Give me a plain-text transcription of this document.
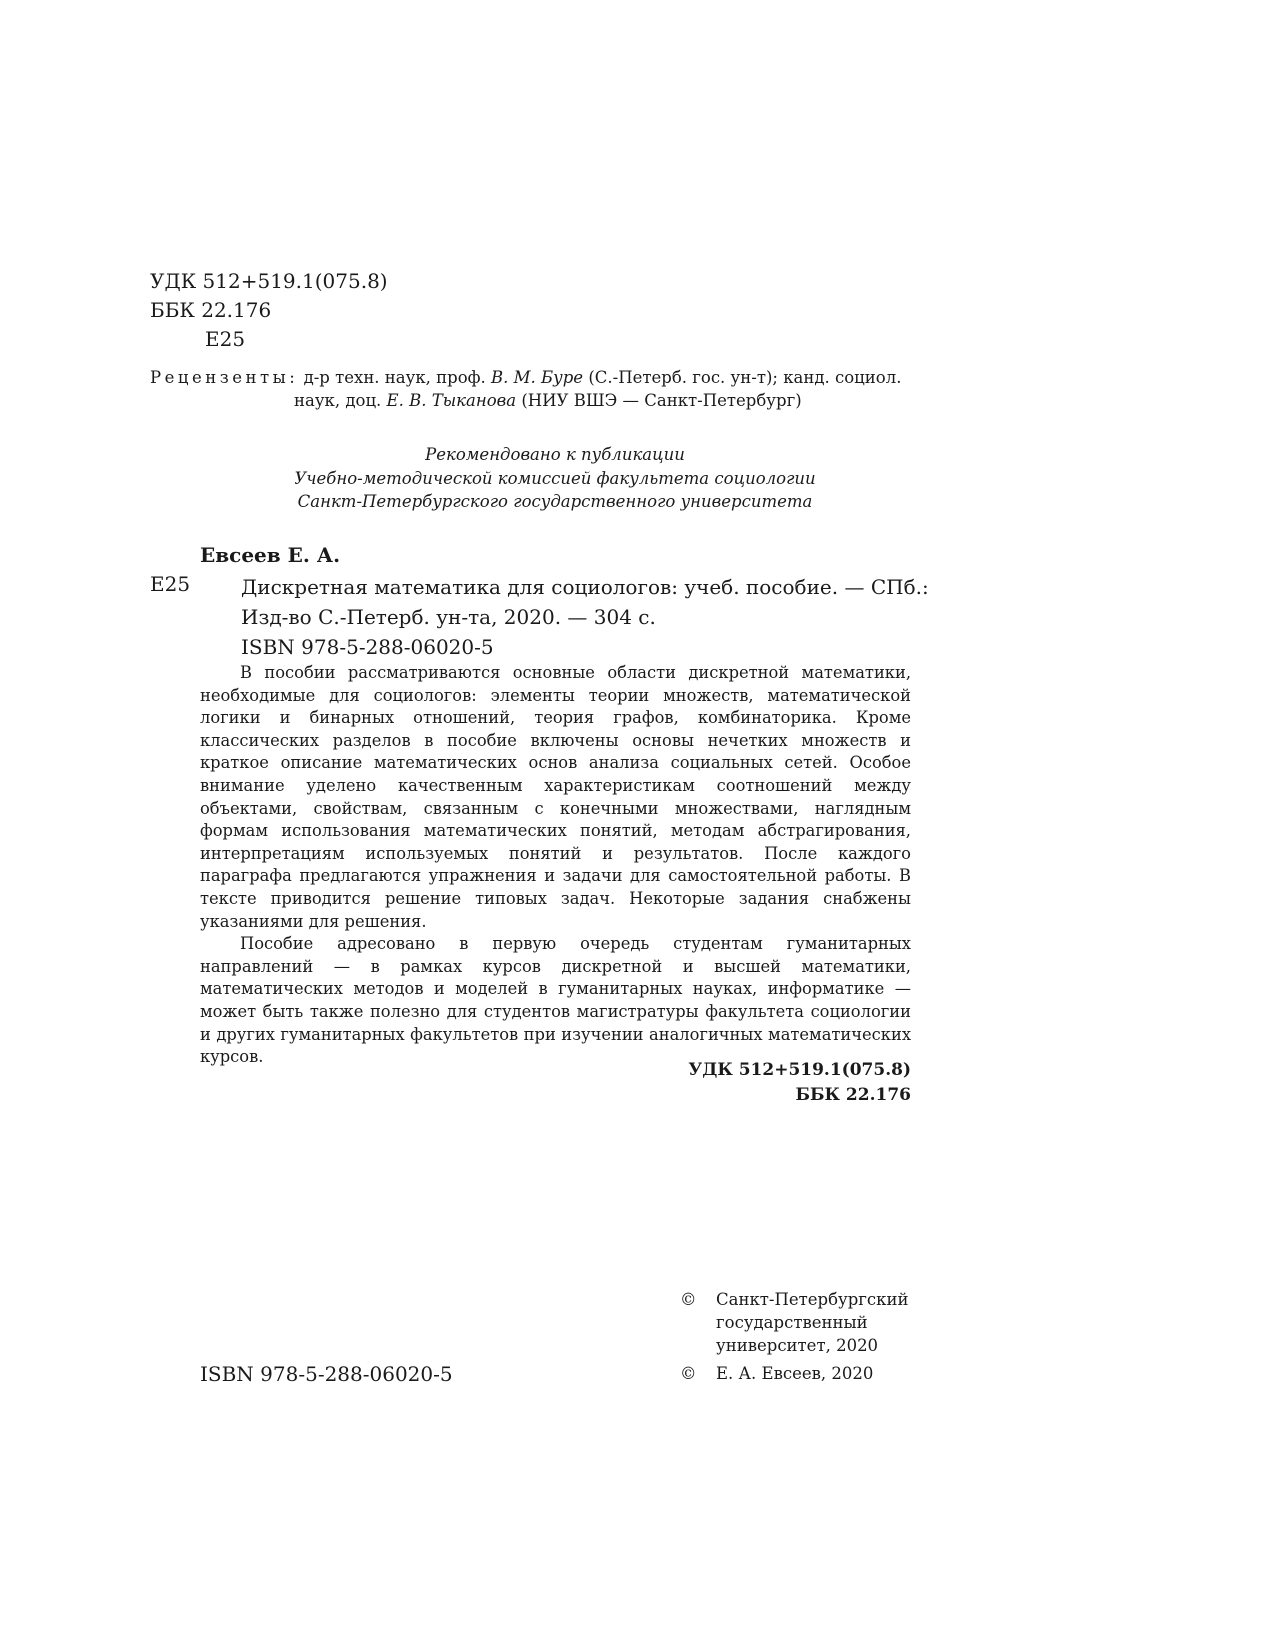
УДК 512+519.1(075.8)
ББК 22.176
Е25
Рецензенты: д-р техн. наук, проф. В. М. Буре (С.-Петерб. гос. ун-т); канд. социол.
наук, доц. Е. В. Тыканова (НИУ ВШЭ — Санкт-Петербург)
Рекомендовано к публикации
Учебно-методической комиссией факультета социологии
Санкт-Петербургского государственного университета
Евсеев Е. А.
Е25	Дискретная математика для социологов: учеб. пособие. — СПб.:
Изд-во С.-Петерб. ун-та, 2020. — 304 с.
ISBN 978-5-288-06020-5

В пособии рассматриваются основные области дискретной математики, необходимые для социологов: элементы теории множеств, математической логики и бинарных отношений, теория графов, комбинаторика. Кроме классических разделов в пособие включены основы нечетких множеств и краткое описание математических основ анализа социальных сетей. Особое внимание уделено качественным характеристикам соотношений между объектами, свойствам, связанным с конечными множествами, наглядным формам использования математических понятий, методам абстрагирования, интерпретациям используемых понятий и результатов. После каждого параграфа предлагаются упражнения и задачи для самостоятельной работы. В тексте приводится решение типовых задач. Некоторые задания снабжены указаниями для решения.

Пособие адресовано в первую очередь студентам гуманитарных направлений — в рамках курсов дискретной и высшей математики, математических методов и моделей в гуманитарных науках, информатике — может быть также полезно для студентов магистратуры факультета социологии и других гуманитарных факультетов при изучении аналогичных математических курсов.

УДК 512+519.1(075.8)
ББК 22.176
ISBN 978-5-288-06020-5
© Санкт-Петербургский государственный университет, 2020
© Е. А. Евсеев, 2020
